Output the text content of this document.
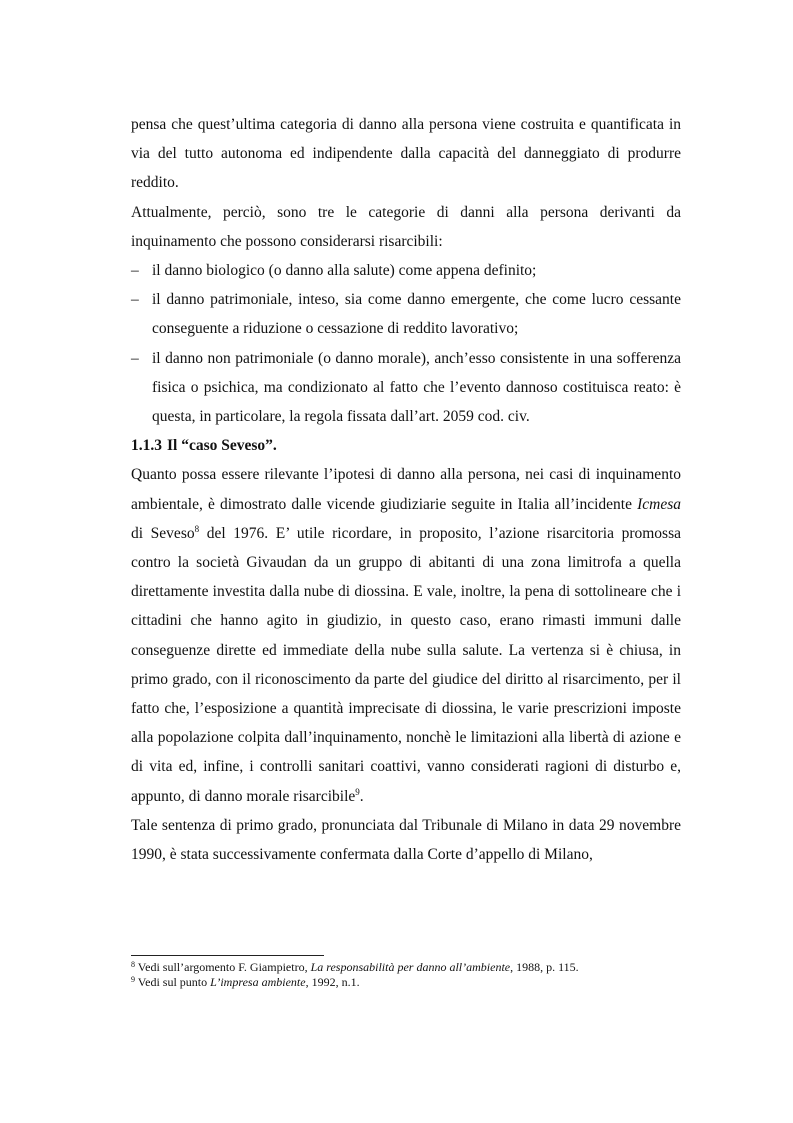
pensa che quest’ultima categoria di danno alla persona viene costruita e quantificata in via del tutto autonoma ed indipendente dalla capacità del danneggiato di produrre reddito.

Attualmente, perciò, sono tre le categorie di danni alla persona derivanti da inquinamento che possono considerarsi risarcibili:

– il danno biologico (o danno alla salute) come appena definito;
– il danno patrimoniale, inteso, sia come danno emergente, che come lucro cessante conseguente a riduzione o cessazione di reddito lavorativo;
– il danno non patrimoniale (o danno morale), anch’esso consistente in una sofferenza fisica o psichica, ma condizionato al fatto che l’evento dannoso costituisca reato: è questa, in particolare, la regola fissata dall’art. 2059 cod. civ.

1.1.3 Il “caso Seveso”.

Quanto possa essere rilevante l’ipotesi di danno alla persona, nei casi di inquinamento ambientale, è dimostrato dalle vicende giudiziarie seguite in Italia all’incidente Icmesa di Seveso$^8$ del 1976. E’ utile ricordare, in proposito, l’azione risarcitoria promossa contro la società Givaudan da un gruppo di abitanti di una zona limitrofa a quella direttamente investita dalla nube di diossina. E vale, inoltre, la pena di sottolineare che i cittadini che hanno agito in giudizio, in questo caso, erano rimasti immuni dalle conseguenze dirette ed immediate della nube sulla salute. La vertenza si è chiusa, in primo grado, con il riconoscimento da parte del giudice del diritto al risarcimento, per il fatto che, l’esposizione a quantità imprecisate di diossina, le varie prescrizioni imposte alla popolazione colpita dall’inquinamento, nonchè le limitazioni alla libertà di azione e di vita ed, infine, i controlli sanitari coattivi, vanno considerati ragioni di disturbo e, appunto, di danno morale risarcibile$^9$.

Tale sentenza di primo grado, pronunciata dal Tribunale di Milano in data 29 novembre 1990, è stata successivamente confermata dalla Corte d’appello di Milano,

$^8$ Vedi sull’argomento F. Giampietro, La responsabilità per danno all’ambiente, 1988, p. 115.

$^9$ Vedi sul punto L’impresa ambiente, 1992, n.1.
